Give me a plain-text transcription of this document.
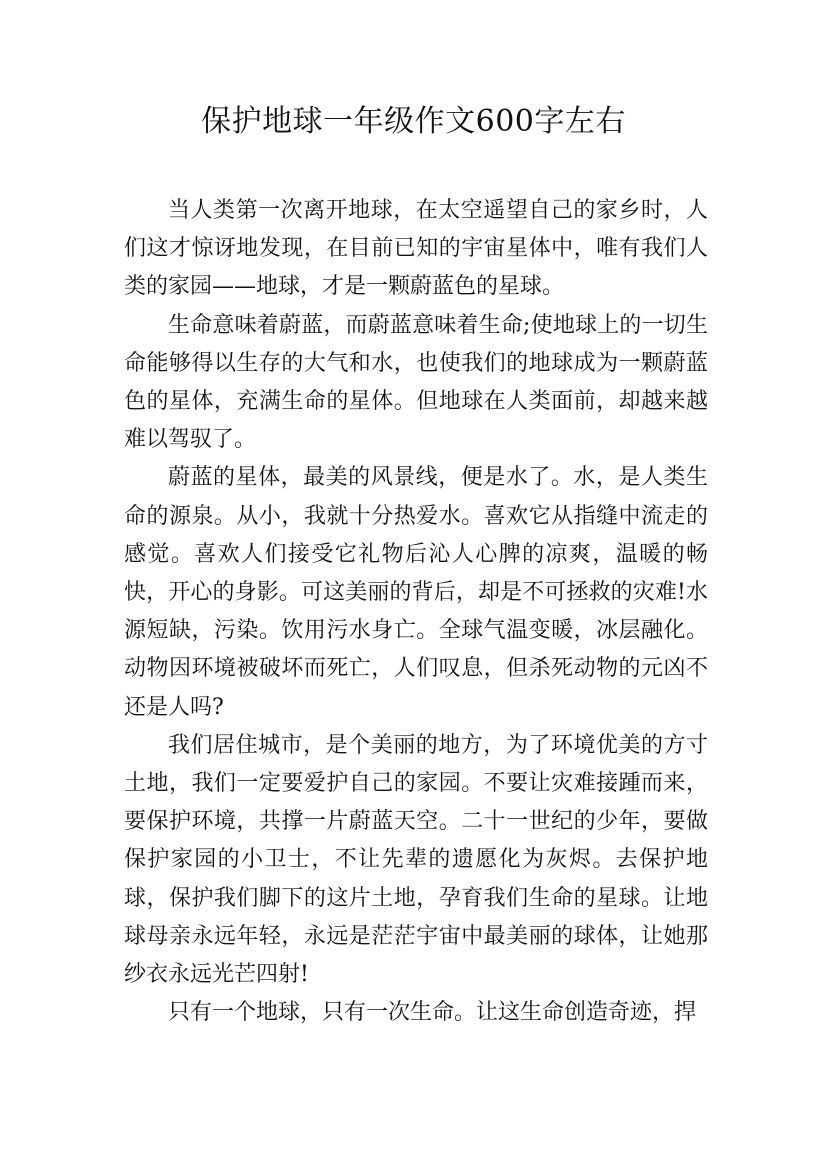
保护地球一年级作文600字左右

当人类第一次离开地球，在太空遥望自己的家乡时，人们这才惊讶地发现，在目前已知的宇宙星体中，唯有我们人类的家园——地球，才是一颗蔚蓝色的星球。

生命意味着蔚蓝，而蔚蓝意味着生命;使地球上的一切生命能够得以生存的大气和水，也使我们的地球成为一颗蔚蓝色的星体，充满生命的星体。但地球在人类面前，却越来越难以驾驭了。

蔚蓝的星体，最美的风景线，便是水了。水，是人类生命的源泉。从小，我就十分热爱水。喜欢它从指缝中流走的感觉。喜欢人们接受它礼物后沁人心脾的凉爽，温暖的畅快，开心的身影。可这美丽的背后，却是不可拯救的灾难!水源短缺，污染。饮用污水身亡。全球气温变暖，冰层融化。动物因环境被破坏而死亡，人们叹息，但杀死动物的元凶不还是人吗?

我们居住城市，是个美丽的地方，为了环境优美的方寸土地，我们一定要爱护自己的家园。不要让灾难接踵而来，要保护环境，共撑一片蔚蓝天空。二十一世纪的少年，要做保护家园的小卫士，不让先辈的遗愿化为灰烬。去保护地球，保护我们脚下的这片土地，孕育我们生命的星球。让地球母亲永远年轻，永远是茫茫宇宙中最美丽的球体，让她那纱衣永远光芒四射!

只有一个地球，只有一次生命。让这生命创造奇迹，捍
